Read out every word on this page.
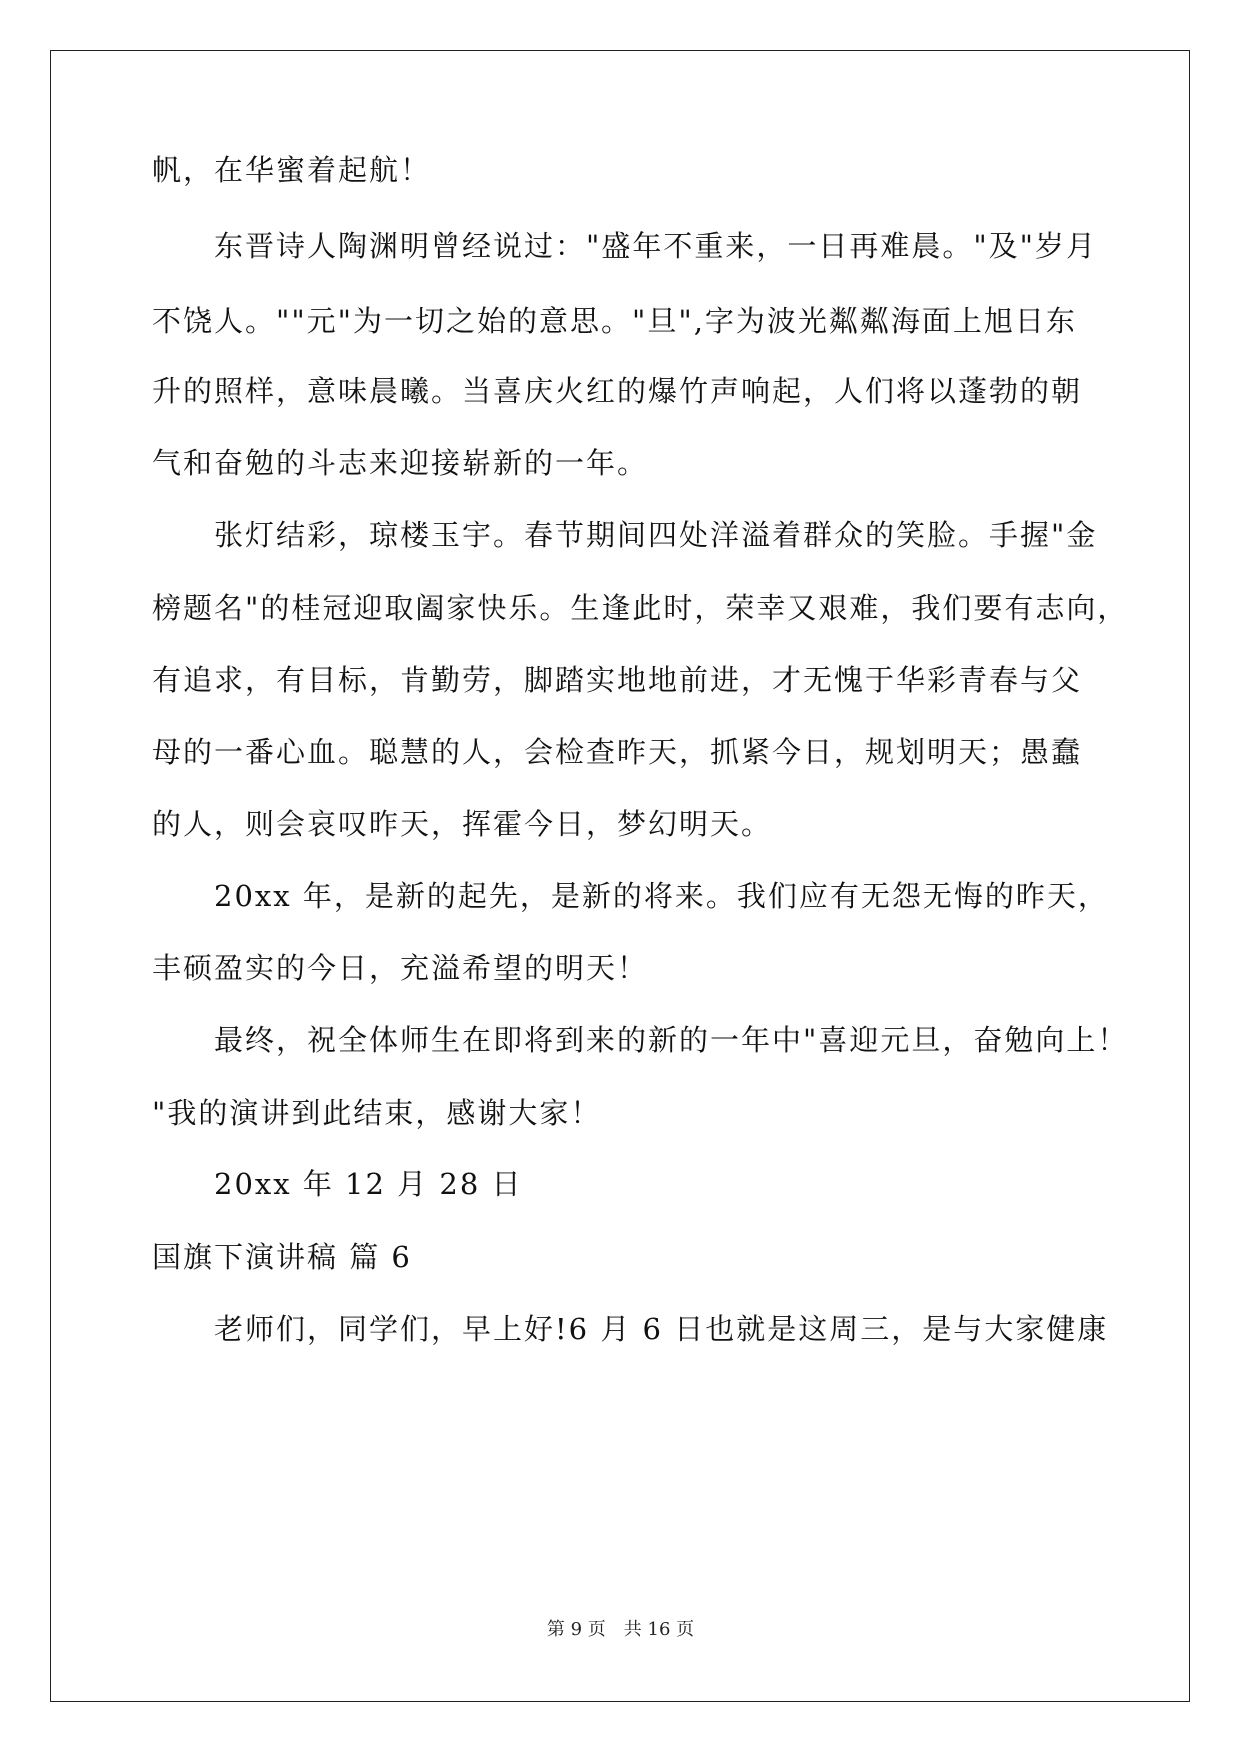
帆，在华蜜着起航！
东晋诗人陶渊明曾经说过："盛年不重来，一日再难晨。"及"岁月
不饶人。""元"为一切之始的意思。"旦",字为波光粼粼海面上旭日东
升的照样，意味晨曦。当喜庆火红的爆竹声响起，人们将以蓬勃的朝
气和奋勉的斗志来迎接崭新的一年。
张灯结彩，琼楼玉宇。春节期间四处洋溢着群众的笑脸。手握"金
榜题名"的桂冠迎取阖家快乐。生逢此时，荣幸又艰难，我们要有志向，
有追求，有目标，肯勤劳，脚踏实地地前进，才无愧于华彩青春与父
母的一番心血。聪慧的人，会检查昨天，抓紧今日，规划明天；愚蠢
的人，则会哀叹昨天，挥霍今日，梦幻明天。
20xx 年，是新的起先，是新的将来。我们应有无怨无悔的昨天，
丰硕盈实的今日，充溢希望的明天！
最终，祝全体师生在即将到来的新的一年中"喜迎元旦，奋勉向上！
"我的演讲到此结束，感谢大家！
20xx 年 12 月 28 日
国旗下演讲稿 篇 6
老师们，同学们，早上好!6 月 6 日也就是这周三，是与大家健康
第 9 页 共 16 页
